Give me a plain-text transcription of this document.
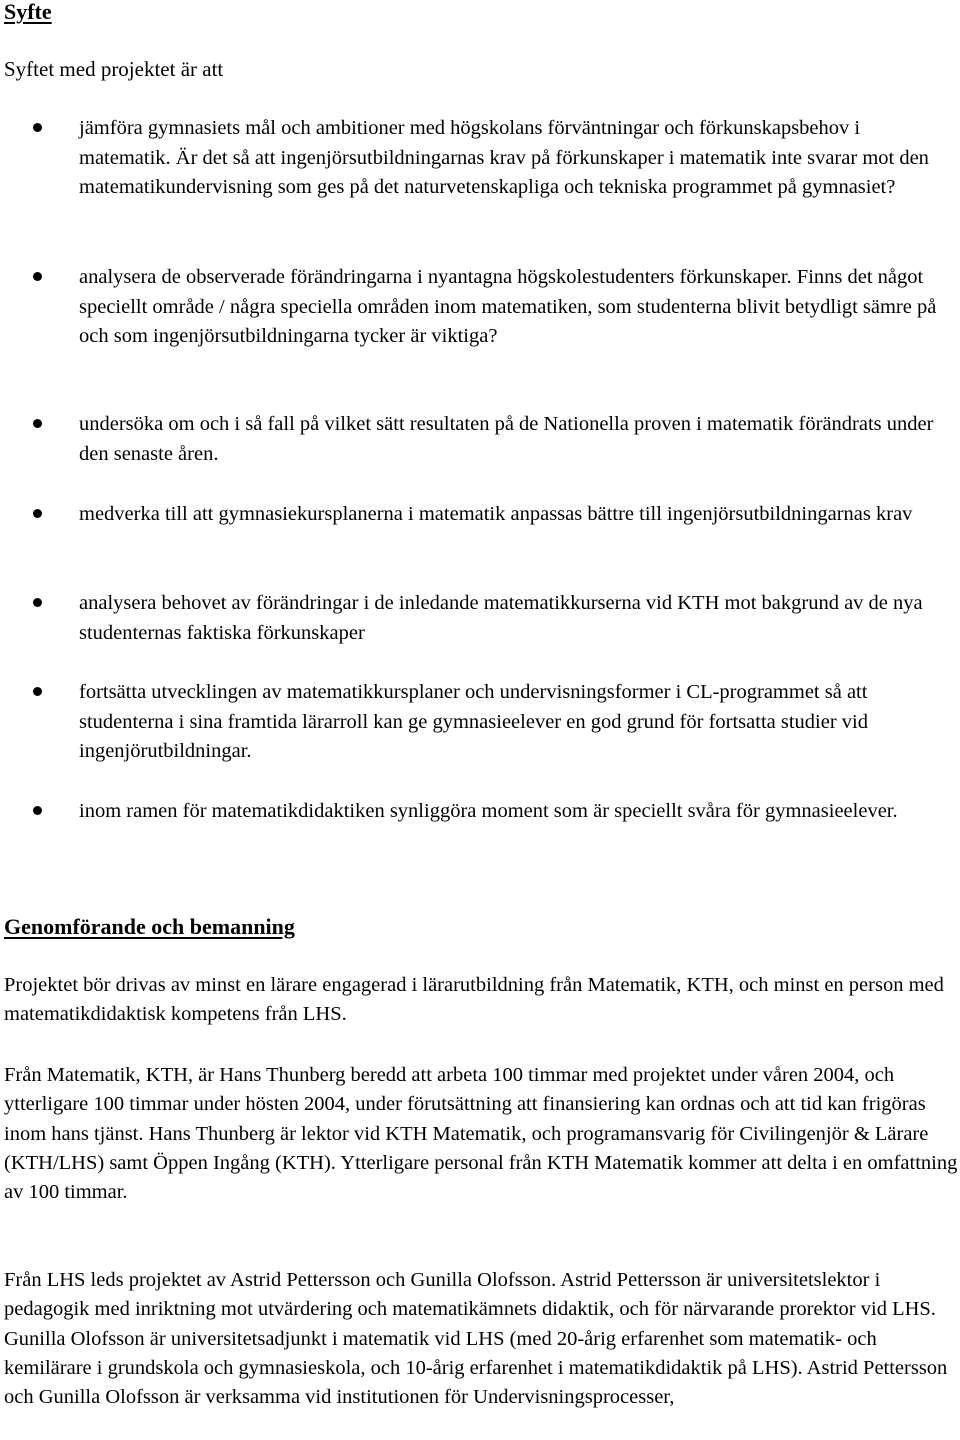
Syfte
Syftet med projektet är att
jämföra gymnasiets mål och ambitioner med högskolans förväntningar och förkunskapsbehov i matematik. Är det så att ingenjörsutbildningarnas krav på förkunskaper i matematik inte svarar mot den matematikundervisning som ges på det naturvetenskapliga och tekniska programmet på gymnasiet?
analysera de observerade förändringarna i nyantagna högskolestudenters förkunskaper. Finns det något speciellt område / några speciella områden inom matematiken, som studenterna blivit betydligt sämre på och som ingenjörsutbildningarna tycker är viktiga?
undersöka om och i så fall på vilket sätt resultaten på de Nationella proven i matematik förändrats under den senaste åren.
medverka till att gymnasiekursplanerna i matematik anpassas bättre till ingenjörsutbildningarnas krav
analysera behovet av förändringar i de inledande matematikkurserna vid KTH mot bakgrund av de nya studenternas faktiska förkunskaper
fortsätta utvecklingen av matematikkursplaner och undervisningsformer i CL-programmet så att studenterna i sina framtida lärarroll kan ge gymnasieelever en god grund för fortsatta studier vid ingenjörutbildningar.
inom ramen för matematikdidaktiken synliggöra moment som är speciellt svåra för gymnasieelever.
Genomförande och bemanning
Projektet bör drivas av minst en lärare engagerad i lärarutbildning från Matematik, KTH, och minst en person med matematikdidaktisk kompetens från LHS.
Från Matematik, KTH, är Hans Thunberg beredd att arbeta 100 timmar med projektet under våren 2004, och ytterligare 100 timmar under hösten 2004, under förutsättning att finansiering kan ordnas och att tid kan frigöras inom hans tjänst. Hans Thunberg är lektor vid KTH Matematik, och programansvarig för Civilingenjör & Lärare (KTH/LHS) samt Öppen Ingång (KTH). Ytterligare personal från KTH Matematik kommer att delta i en omfattning av 100 timmar.
Från LHS leds projektet av Astrid Pettersson och Gunilla Olofsson. Astrid Pettersson är universitetslektor i pedagogik med inriktning mot utvärdering och matematikämnets didaktik, och för närvarande prorektor vid LHS. Gunilla Olofsson är universitetsadjunkt i matematik vid LHS (med 20-årig erfarenhet som matematik- och kemilärare i grundskola och gymnasieskola, och 10-årig erfarenhet i matematikdidaktik på LHS). Astrid Pettersson och Gunilla Olofsson är verksamma vid institutionen för Undervisningsprocesser,
